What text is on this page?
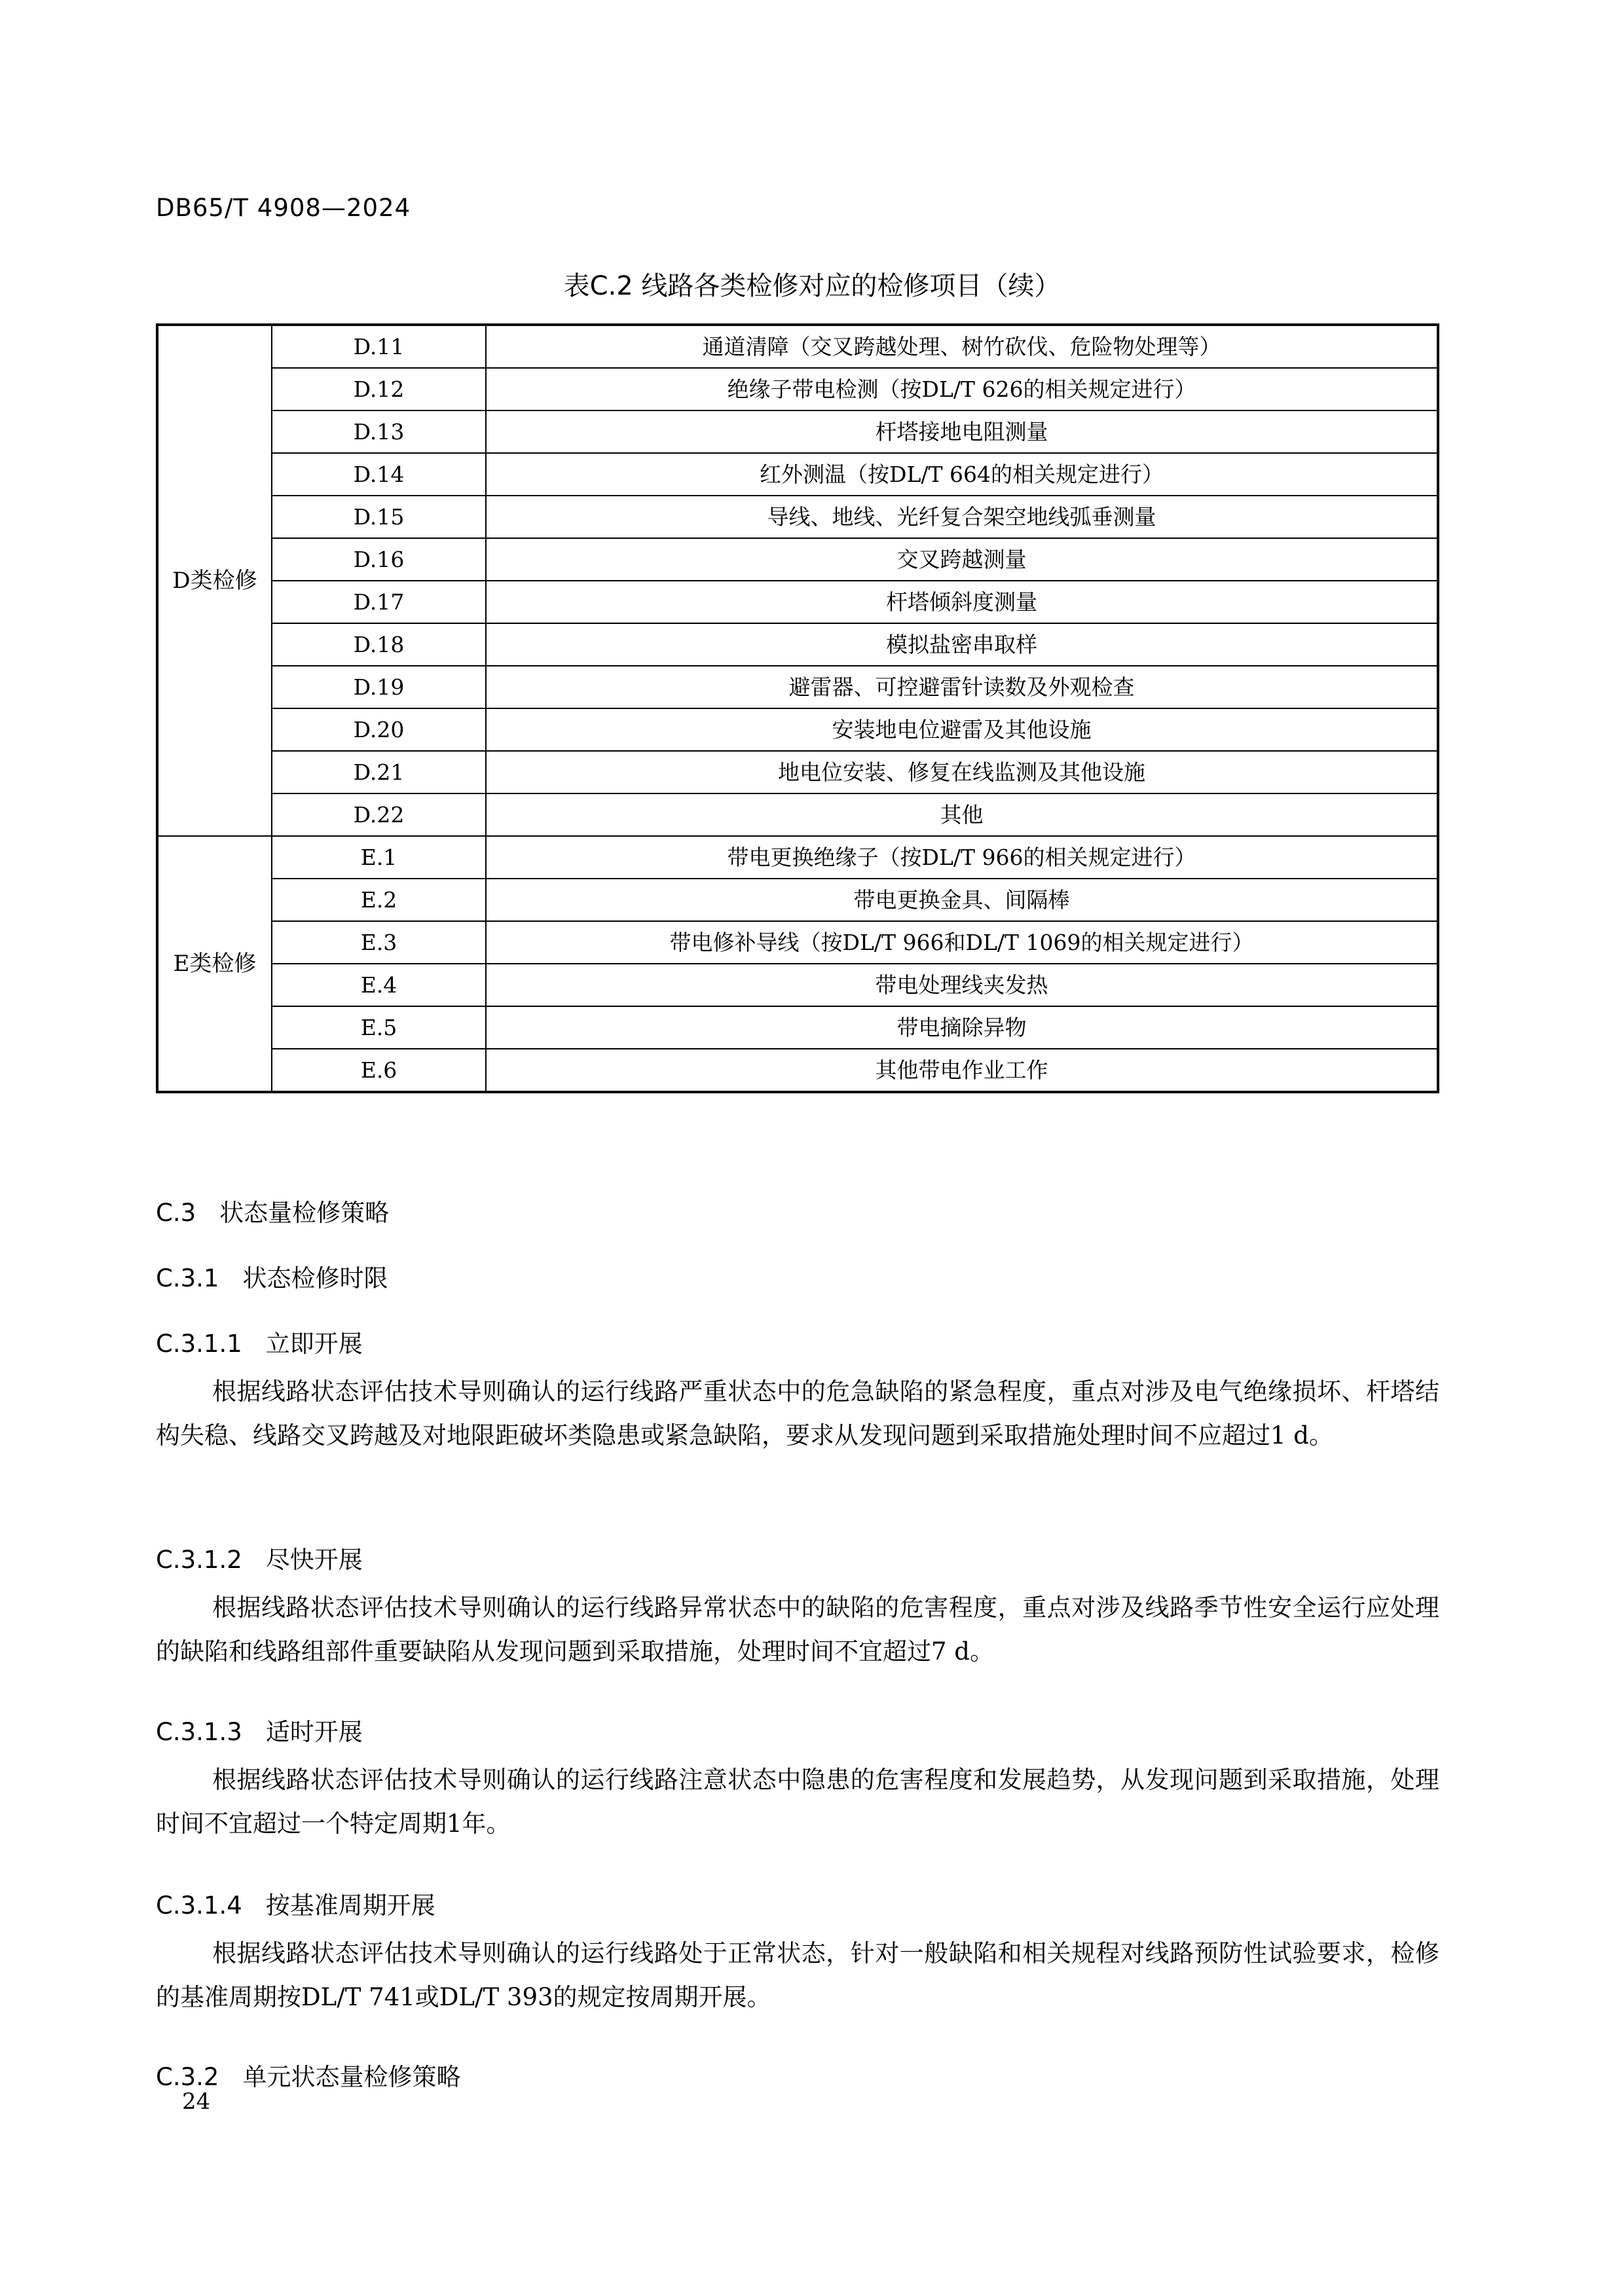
DB65/T 4908—2024
表C.2 线路各类检修对应的检修项目（续）
D类检修	D.11	通道清障（交叉跨越处理、树竹砍伐、危险物处理等）
	D.12	绝缘子带电检测（按DL/T 626的相关规定进行）
	D.13	杆塔接地电阻测量
	D.14	红外测温（按DL/T 664的相关规定进行）
	D.15	导线、地线、光纤复合架空地线弧垂测量
	D.16	交叉跨越测量
	D.17	杆塔倾斜度测量
	D.18	模拟盐密串取样
	D.19	避雷器、可控避雷针读数及外观检查
	D.20	安装地电位避雷及其他设施
	D.21	地电位安装、修复在线监测及其他设施
	D.22	其他
E类检修	E.1	带电更换绝缘子（按DL/T 966的相关规定进行）
	E.2	带电更换金具、间隔棒
	E.3	带电修补导线（按DL/T 966和DL/T 1069的相关规定进行）
	E.4	带电处理线夹发热
	E.5	带电摘除异物
	E.6	其他带电作业工作
C.3 状态量检修策略
C.3.1 状态检修时限
C.3.1.1 立即开展

根据线路状态评估技术导则确认的运行线路严重状态中的危急缺陷的紧急程度，重点对涉及电气绝缘损坏、杆塔结构失稳、线路交叉跨越及对地限距破坏类隐患或紧急缺陷，要求从发现问题到采取措施处理时间不应超过1 d。

C.3.1.2 尽快开展

根据线路状态评估技术导则确认的运行线路异常状态中的缺陷的危害程度，重点对涉及线路季节性安全运行应处理的缺陷和线路组部件重要缺陷从发现问题到采取措施，处理时间不宜超过7 d。

C.3.1.3 适时开展

根据线路状态评估技术导则确认的运行线路注意状态中隐患的危害程度和发展趋势，从发现问题到采取措施，处理时间不宜超过一个特定周期1年。

C.3.1.4 按基准周期开展

根据线路状态评估技术导则确认的运行线路处于正常状态，针对一般缺陷和相关规程对线路预防性试验要求，检修的基准周期按DL/T 741或DL/T 393的规定按周期开展。

C.3.2 单元状态量检修策略
24
